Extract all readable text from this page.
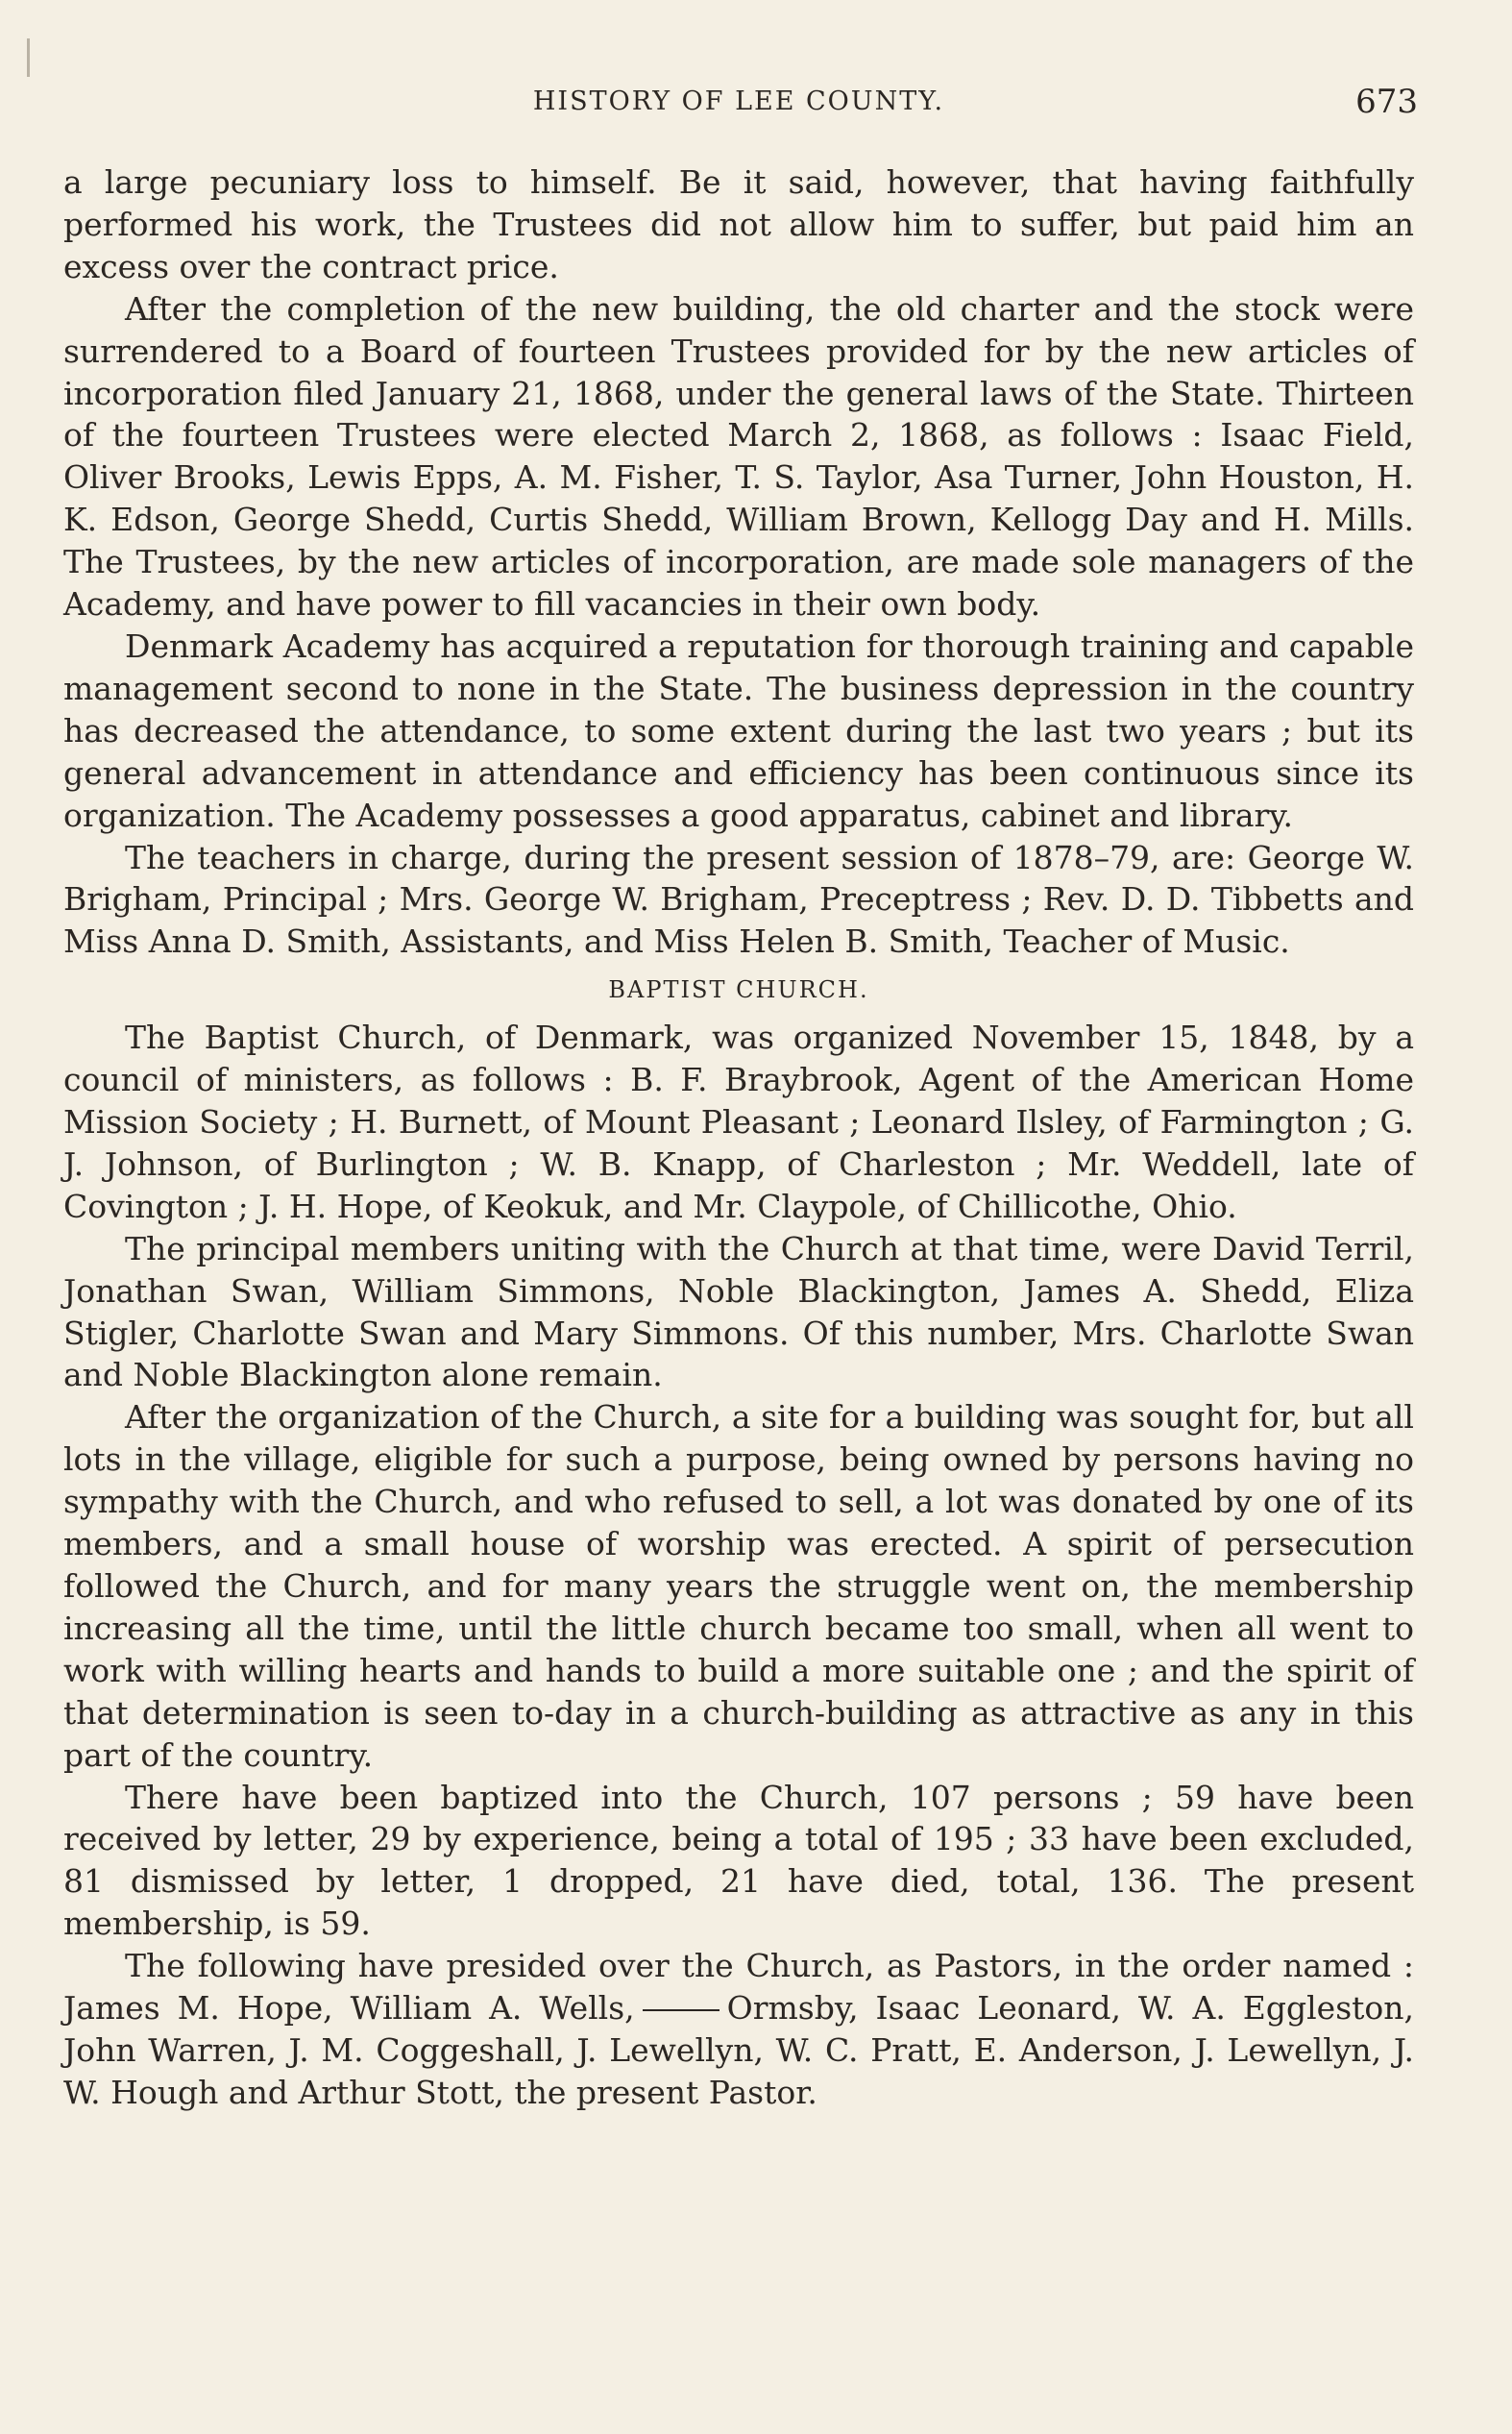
HISTORY OF LEE COUNTY.	673

a large pecuniary loss to himself. Be it said, however, that having faithfully performed his work, the Trustees did not allow him to suffer, but paid him an excess over the contract price.

After the completion of the new building, the old charter and the stock were surrendered to a Board of fourteen Trustees provided for by the new articles of incorporation filed January 21, 1868, under the general laws of the State. Thirteen of the fourteen Trustees were elected March 2, 1868, as follows : Isaac Field, Oliver Brooks, Lewis Epps, A. M. Fisher, T. S. Taylor, Asa Turner, John Houston, H. K. Edson, George Shedd, Curtis Shedd, William Brown, Kellogg Day and H. Mills. The Trustees, by the new articles of incorporation, are made sole managers of the Academy, and have power to fill vacancies in their own body.

Denmark Academy has acquired a reputation for thorough training and capable management second to none in the State. The business depression in the country has decreased the attendance, to some extent during the last two years ; but its general advancement in attendance and efficiency has been continuous since its organization. The Academy possesses a good apparatus, cabinet and library.

The teachers in charge, during the present session of 1878–79, are: George W. Brigham, Principal ; Mrs. George W. Brigham, Preceptress ; Rev. D. D. Tibbetts and Miss Anna D. Smith, Assistants, and Miss Helen B. Smith, Teacher of Music.

BAPTIST CHURCH.

The Baptist Church, of Denmark, was organized November 15, 1848, by a council of ministers, as follows : B. F. Braybrook, Agent of the American Home Mission Society ; H. Burnett, of Mount Pleasant ; Leonard Ilsley, of Farmington ; G. J. Johnson, of Burlington ; W. B. Knapp, of Charleston ; Mr. Weddell, late of Covington ; J. H. Hope, of Keokuk, and Mr. Claypole, of Chillicothe, Ohio.

The principal members uniting with the Church at that time, were David Terril, Jonathan Swan, William Simmons, Noble Blackington, James A. Shedd, Eliza Stigler, Charlotte Swan and Mary Simmons. Of this number, Mrs. Charlotte Swan and Noble Blackington alone remain.

After the organization of the Church, a site for a building was sought for, but all lots in the village, eligible for such a purpose, being owned by persons having no sympathy with the Church, and who refused to sell, a lot was donated by one of its members, and a small house of worship was erected. A spirit of persecution followed the Church, and for many years the struggle went on, the membership increasing all the time, until the little church became too small, when all went to work with willing hearts and hands to build a more suitable one ; and the spirit of that determination is seen to-day in a church-building as attractive as any in this part of the country.

There have been baptized into the Church, 107 persons ; 59 have been received by letter, 29 by experience, being a total of 195 ; 33 have been excluded, 81 dismissed by letter, 1 dropped, 21 have died, total, 136. The present membership, is 59.

The following have presided over the Church, as Pastors, in the order named : James M. Hope, William A. Wells,	Ormsby, Isaac Leonard, W. A. Eggleston, John Warren, J. M. Coggeshall, J. Lewellyn, W. C. Pratt, E. Anderson, J. Lewellyn, J. W. Hough and Arthur Stott, the present Pastor.
